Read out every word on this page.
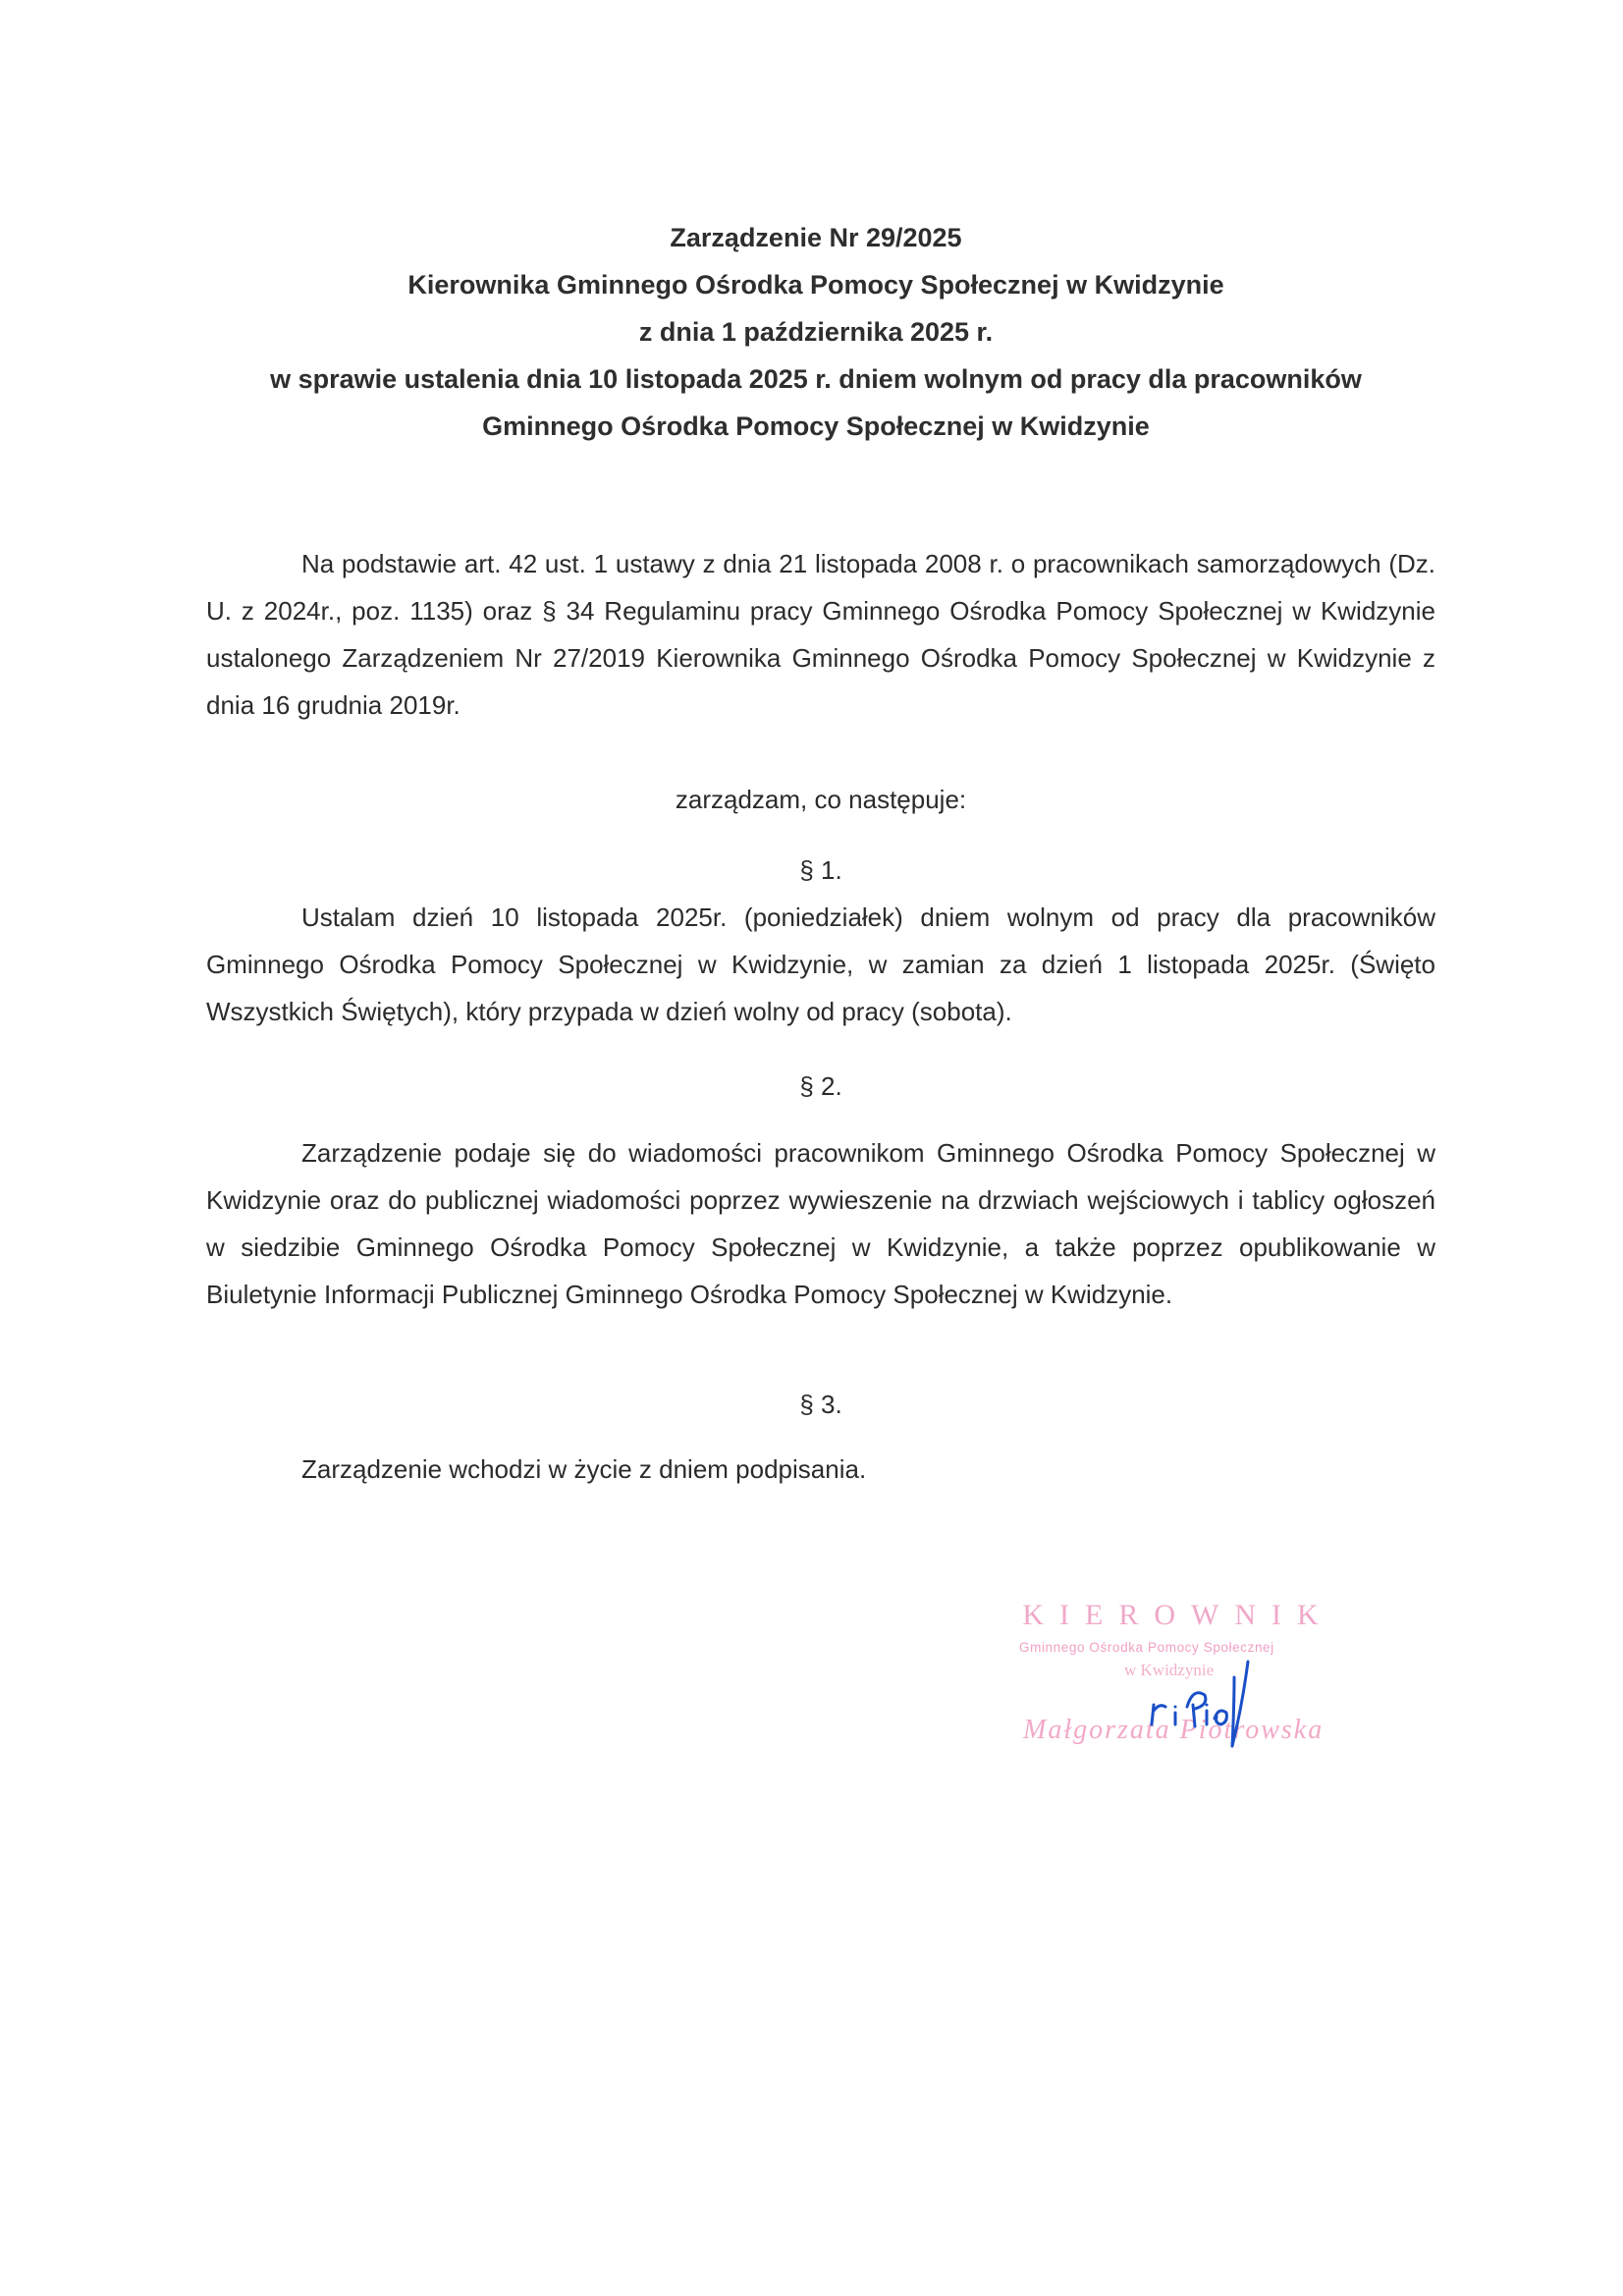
Zarządzenie Nr 29/2025
Kierownika Gminnego Ośrodka Pomocy Społecznej w Kwidzynie
z dnia 1 października 2025 r.
w sprawie ustalenia dnia 10 listopada 2025 r. dniem wolnym od pracy dla pracowników
Gminnego Ośrodka Pomocy Społecznej w Kwidzynie

Na podstawie art. 42 ust. 1 ustawy z dnia 21 listopada 2008 r. o pracownikach samorządowych (Dz. U. z 2024r., poz. 1135) oraz § 34 Regulaminu pracy Gminnego Ośrodka Pomocy Społecznej w Kwidzynie ustalonego Zarządzeniem Nr 27/2019 Kierownika Gminnego Ośrodka Pomocy Społecznej w Kwidzynie z dnia 16 grudnia 2019r.

zarządzam, co następuje:

§ 1.

Ustalam dzień 10 listopada 2025r. (poniedziałek) dniem wolnym od pracy dla pracowników Gminnego Ośrodka Pomocy Społecznej w Kwidzynie, w zamian za dzień 1 listopada 2025r. (Święto Wszystkich Świętych), który przypada w dzień wolny od pracy (sobota).

§ 2.

Zarządzenie podaje się do wiadomości pracownikom Gminnego Ośrodka Pomocy Społecznej w Kwidzynie oraz do publicznej wiadomości poprzez wywieszenie na drzwiach wejściowych i tablicy ogłoszeń w siedzibie Gminnego Ośrodka Pomocy Społecznej w Kwidzynie, a także poprzez opublikowanie w Biuletynie Informacji Publicznej Gminnego Ośrodka Pomocy Społecznej w Kwidzynie.

§ 3.

Zarządzenie wchodzi w życie z dniem podpisania.

KIEROWNIK
Gminnego Ośrodka Pomocy Społecznej
w Kwidzynie
Małgorzata Piotrowska
